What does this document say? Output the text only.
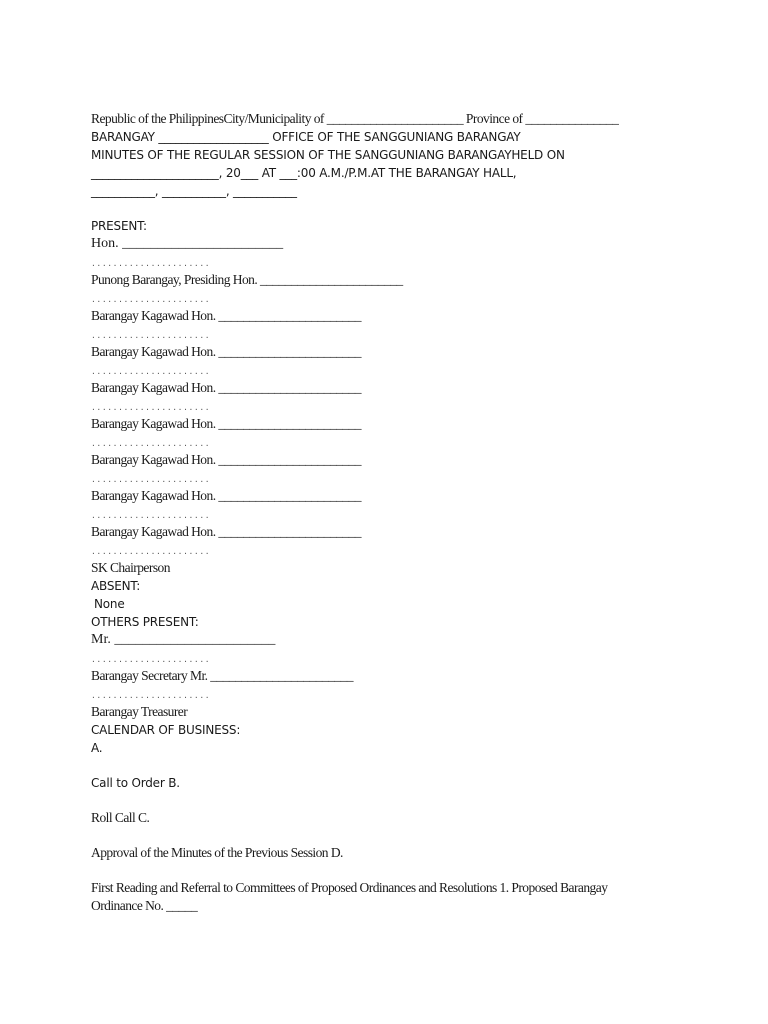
Republic of the PhilippinesCity/Municipality of ______________________ Province of _______________
BARANGAY ___________________ OFFICE OF THE SANGGUNIANG BARANGAY
MINUTES OF THE REGULAR SESSION OF THE SANGGUNIANG BARANGAYHELD ON
______________________, 20___ AT ___:00 A.M./P.M.AT THE BARANGAY HALL,
___________, ___________, ___________
PRESENT:
Hon. _______________________
......................
Punong Barangay, Presiding Hon. _______________________
......................
Barangay Kagawad Hon. _______________________
......................
Barangay Kagawad Hon. _______________________
......................
Barangay Kagawad Hon. _______________________
......................
Barangay Kagawad Hon. _______________________
......................
Barangay Kagawad Hon. _______________________
......................
Barangay Kagawad Hon. _______________________
......................
Barangay Kagawad Hon. _______________________
......................
SK Chairperson
ABSENT:
None
OTHERS PRESENT:
Mr. _______________________
......................
Barangay Secretary Mr. _______________________
......................
Barangay Treasurer
CALENDAR OF BUSINESS:
A.
Call to Order B.
Roll Call C.
Approval of the Minutes of the Previous Session D.
First Reading and Referral to Committees of Proposed Ordinances and Resolutions 1. Proposed Barangay
Ordinance No. _____
